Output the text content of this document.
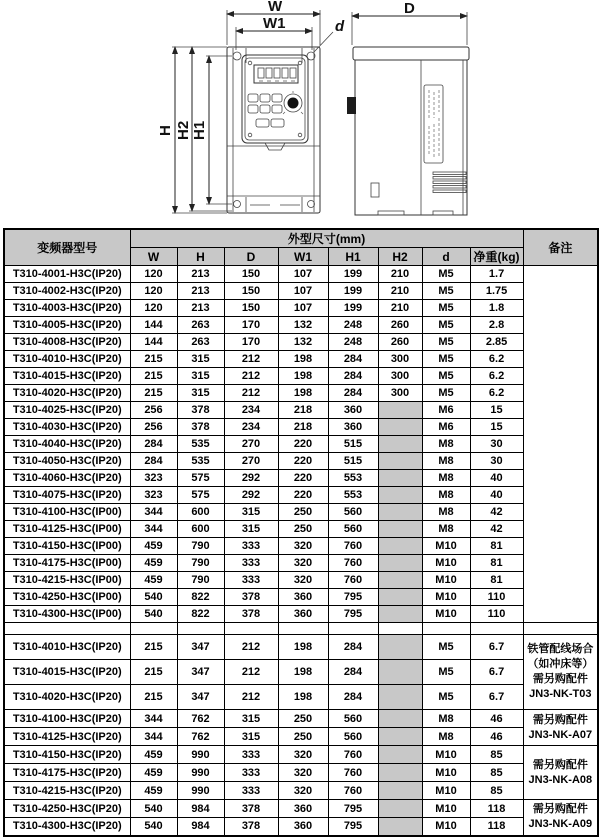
W
W1	d
H H2 H1
D
变频器型号	外型尺寸(mm)								备注
	W	H	D	W1	H1	H2	d	净重(kg)	
T310-4001-H3C(IP20)	120	213	150	107	199	210	M5	1.7	
T310-4002-H3C(IP20)	120	213	150	107	199	210	M5	1.75	
T310-4003-H3C(IP20)	120	213	150	107	199	210	M5	1.8	
T310-4005-H3C(IP20)	144	263	170	132	248	260	M5	2.8	
T310-4008-H3C(IP20)	144	263	170	132	248	260	M5	2.85	
T310-4010-H3C(IP20)	215	315	212	198	284	300	M5	6.2	
T310-4015-H3C(IP20)	215	315	212	198	284	300	M5	6.2	
T310-4020-H3C(IP20)	215	315	212	198	284	300	M5	6.2	
T310-4025-H3C(IP20)	256	378	234	218	360		M6	15	
T310-4030-H3C(IP20)	256	378	234	218	360		M6	15	
T310-4040-H3C(IP20)	284	535	270	220	515		M8	30	
T310-4050-H3C(IP20)	284	535	270	220	515		M8	30	
T310-4060-H3C(IP20)	323	575	292	220	553		M8	40	
T310-4075-H3C(IP20)	323	575	292	220	553		M8	40	
T310-4100-H3C(IP00)	344	600	315	250	560		M8	42	
T310-4125-H3C(IP00)	344	600	315	250	560		M8	42	
T310-4150-H3C(IP00)	459	790	333	320	760		M10	81	
T310-4175-H3C(IP00)	459	790	333	320	760		M10	81	
T310-4215-H3C(IP00)	459	790	333	320	760		M10	81	
T310-4250-H3C(IP00)	540	822	378	360	795		M10	110	
T310-4300-H3C(IP00)	540	822	378	360	795		M10	110	

T310-4010-H3C(IP20)	215	347	212	198	284		M5	6.7	铁管配线场合
（如冲床等）
需另购配件
JN3-NK-T03

T310-4015-H3C(IP20)	215	347	212	198	284		M5	6.7	
T310-4020-H3C(IP20)	215	347	212	198	284		M5	6.7	
T310-4100-H3C(IP20)	344	762	315	250	560		M8	46	需另购配件
JN3-NK-A07

T310-4125-H3C(IP20)	344	762	315	250	560		M8	46	
T310-4150-H3C(IP20)	459	990	333	320	760		M10	85	需另购配件
JN3-NK-A08

T310-4175-H3C(IP20)	459	990	333	320	760		M10	85	
T310-4215-H3C(IP20)	459	990	333	320	760		M10	85	
T310-4250-H3C(IP20)	540	984	378	360	795		M10	118	需另购配件
JN3-NK-A09

T310-4300-H3C(IP20)	540	984	378	360	795		M10	118	
